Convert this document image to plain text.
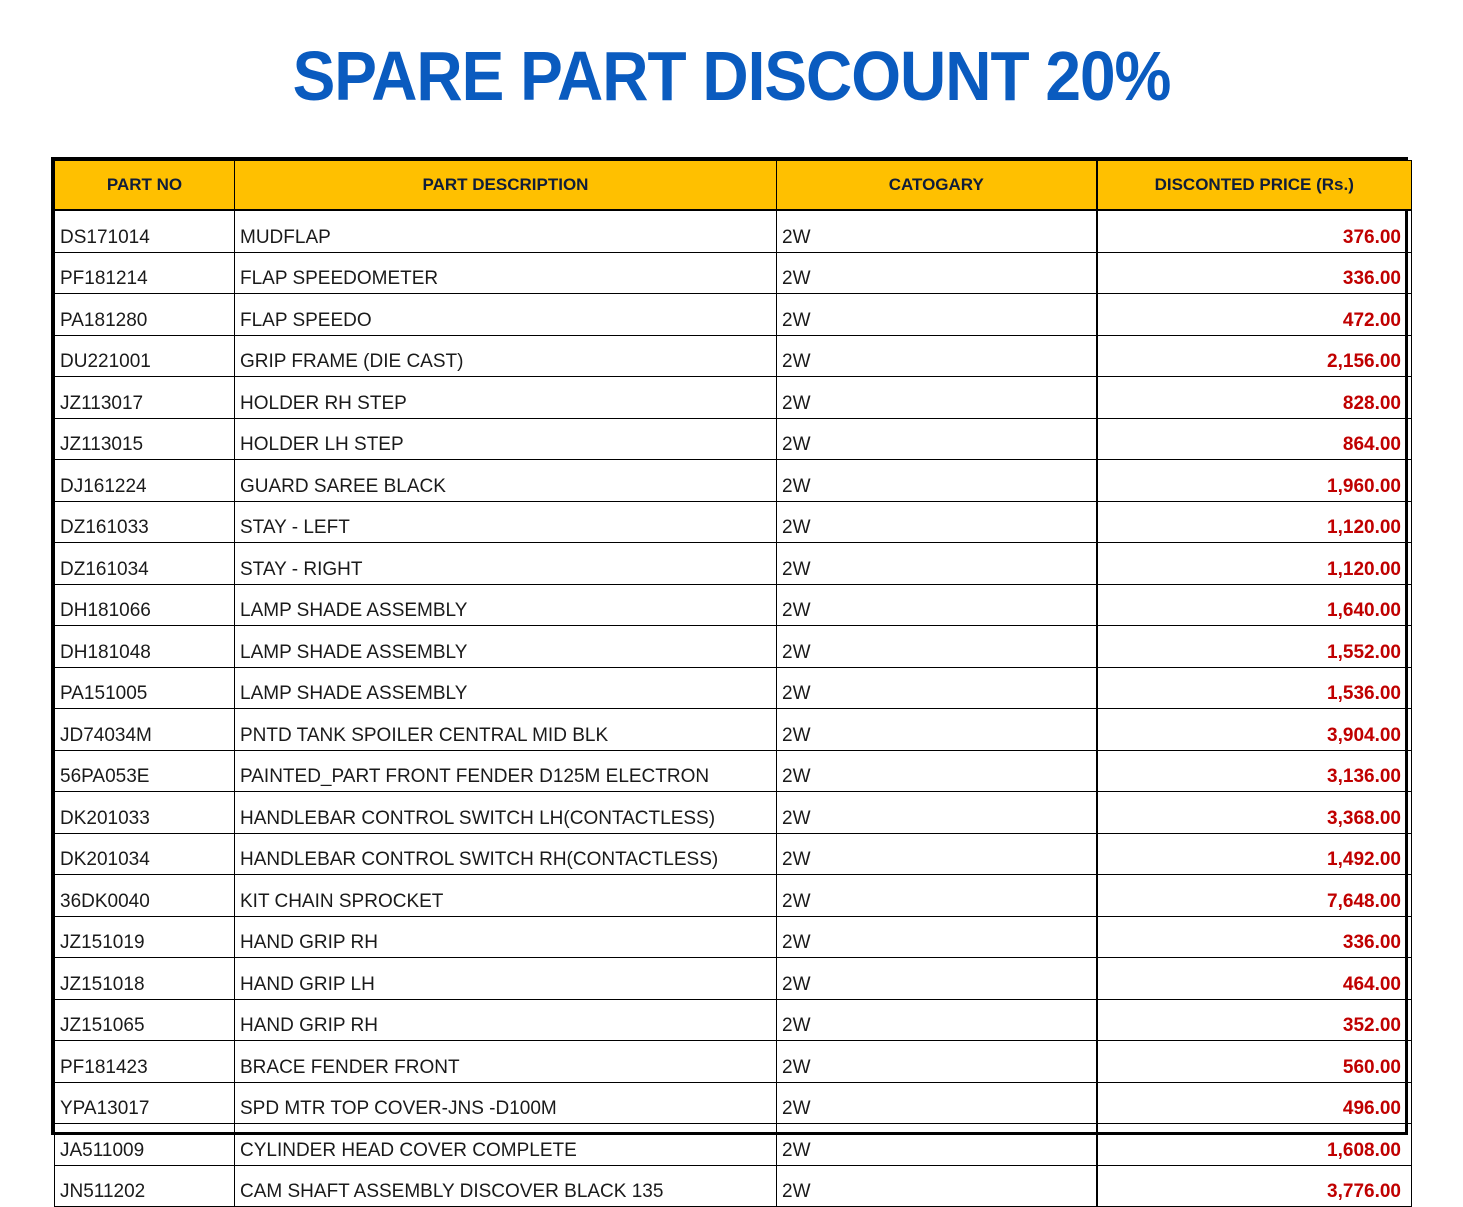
SPARE PART DISCOUNT 20%
PART NO	PART DESCRIPTION	CATOGARY	DISCONTED PRICE (Rs.)
DS171014	MUDFLAP	2W	376.00
PF181214	FLAP SPEEDOMETER	2W	336.00
PA181280	FLAP SPEEDO	2W	472.00
DU221001	GRIP FRAME (DIE CAST)	2W	2,156.00
JZ113017	HOLDER RH STEP	2W	828.00
JZ113015	HOLDER LH STEP	2W	864.00
DJ161224	GUARD SAREE BLACK	2W	1,960.00
DZ161033	STAY - LEFT	2W	1,120.00
DZ161034	STAY - RIGHT	2W	1,120.00
DH181066	LAMP SHADE ASSEMBLY	2W	1,640.00
DH181048	LAMP SHADE ASSEMBLY	2W	1,552.00
PA151005	LAMP SHADE ASSEMBLY	2W	1,536.00
JD74034M	PNTD TANK SPOILER CENTRAL MID BLK	2W	3,904.00
56PA053E	PAINTED_PART FRONT FENDER D125M ELECTRON	2W	3,136.00
DK201033	HANDLEBAR CONTROL SWITCH LH(CONTACTLESS)	2W	3,368.00
DK201034	HANDLEBAR CONTROL SWITCH RH(CONTACTLESS)	2W	1,492.00
36DK0040	KIT CHAIN SPROCKET	2W	7,648.00
JZ151019	HAND GRIP RH	2W	336.00
JZ151018	HAND GRIP LH	2W	464.00
JZ151065	HAND GRIP RH	2W	352.00
PF181423	BRACE FENDER FRONT	2W	560.00
YPA13017	SPD MTR TOP COVER-JNS -D100M	2W	496.00
JA511009	CYLINDER HEAD COVER COMPLETE	2W	1,608.00
JN511202	CAM SHAFT ASSEMBLY DISCOVER BLACK 135	2W	3,776.00
